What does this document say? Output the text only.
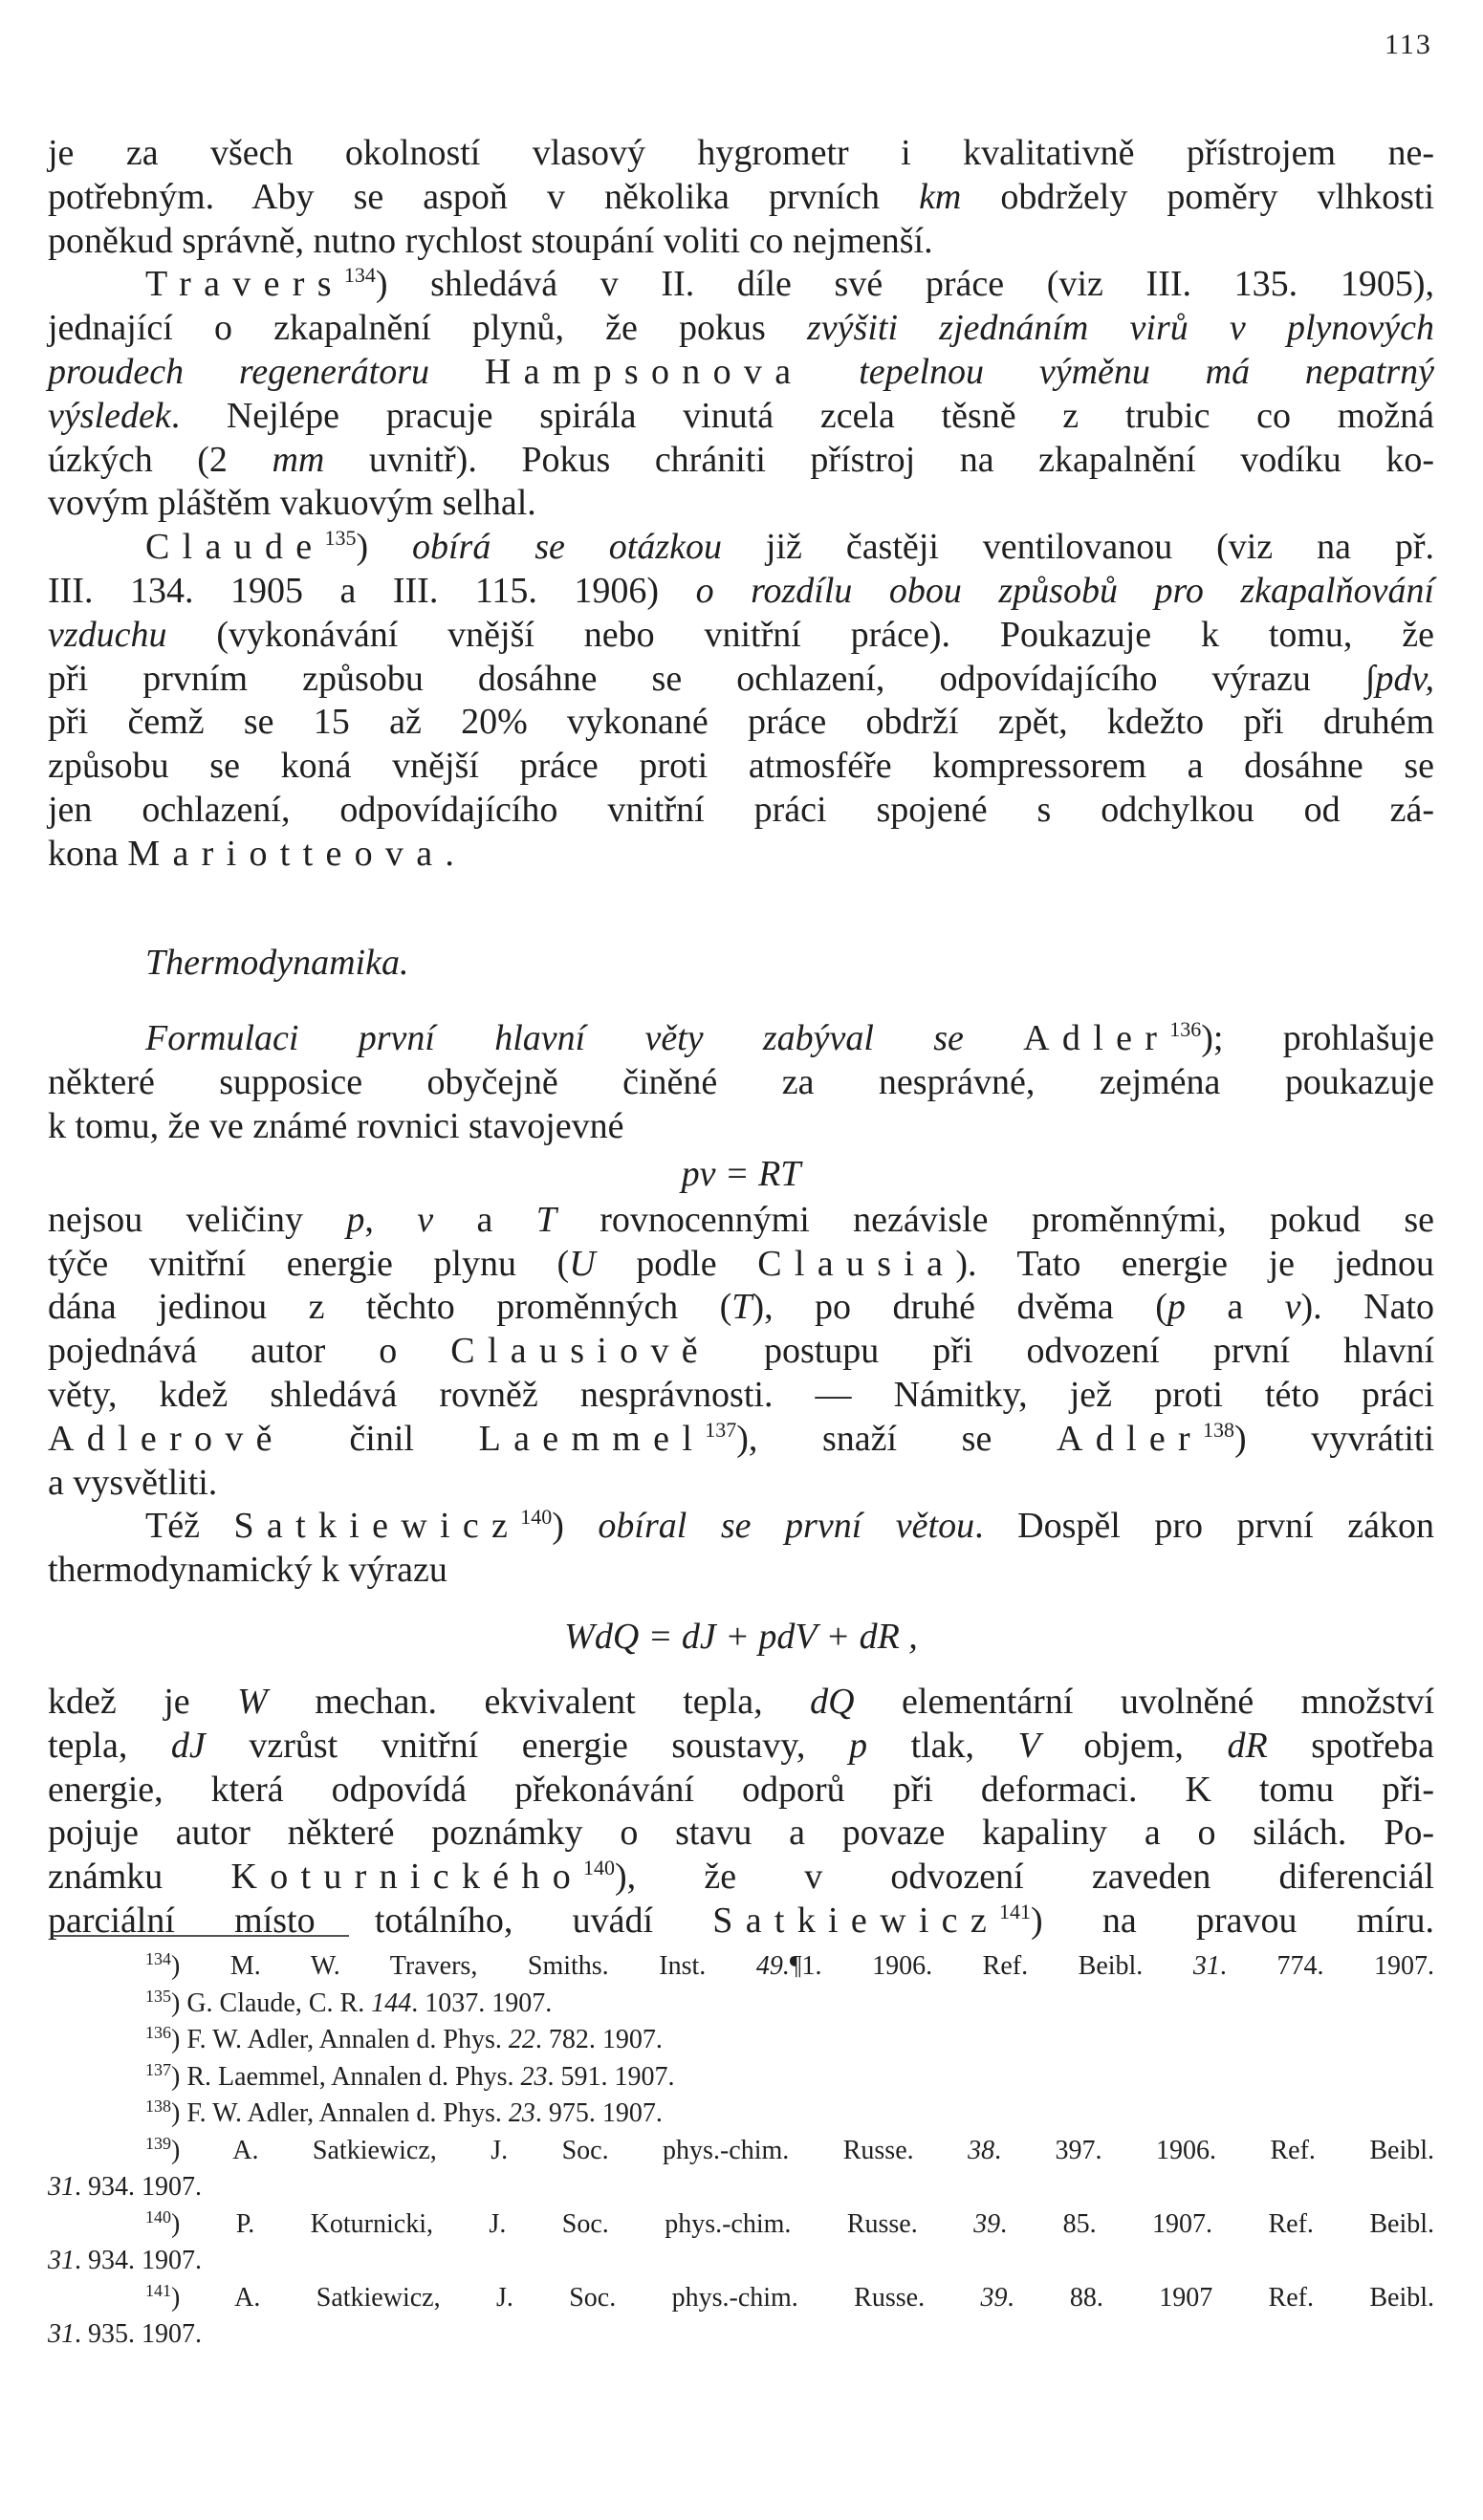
113
je za všech okolností vlasový hygrometr i kvalitativně přístrojem ne-
potřebným. Aby se aspoň v několika prvních km obdržely poměry vlhkosti
poněkud správně, nutno rychlost stoupání voliti co nejmenší.
Travers$^{134}$) shledává v II. díle své práce (viz III. 135. 1905),
jednající o zkapalnění plynů, že pokus zvýšiti zjednáním virů v plynových
proudech regenerátoru Hampsonova tepelnou výměnu má nepatrný
výsledek. Nejlépe pracuje spirála vinutá zcela těsně z trubic co možná
úzkých (2 mm uvnitř). Pokus chrániti přístroj na zkapalnění vodíku ko-
vovým pláštěm vakuovým selhal.
Claude$^{135}$) obírá se otázkou již častěji ventilovanou (viz na př.
III. 134. 1905 a III. 115. 1906) o rozdílu obou způsobů pro zkapalňování
vzduchu (vykonávání vnější nebo vnitřní práce). Poukazuje k tomu, že
při prvním způsobu dosáhne se ochlazení, odpovídajícího výrazu ∫pdv,
při čemž se 15 až 20% vykonané práce obdrží zpět, kdežto při druhém
způsobu se koná vnější práce proti atmosféře kompressorem a dosáhne se
jen ochlazení, odpovídajícího vnitřní práci spojené s odchylkou od zá-
kona Mariotteova.
Thermodynamika.
Formulaci první hlavní věty zabýval se Adler$^{136}$); prohlašuje
některé supposice obyčejně činěné za nesprávné, zejména poukazuje
k tomu, že ve známé rovnici stavojevné
pv = RT
nejsou veličiny p, v a T rovnocennými nezávisle proměnnými, pokud se
týče vnitřní energie plynu (U podle Clausia). Tato energie je jednou
dána jedinou z těchto proměnných (T), po druhé dvěma (p a v). Nato
pojednává autor o Clausiově postupu při odvození první hlavní
věty, kdež shledává rovněž nesprávnosti. — Námitky, jež proti této práci
Adlerově činil Laemmel$^{137}$), snaží se Adler$^{138}$) vyvrátiti
a vysvětliti.
Též Satkiewicz$^{140}$) obíral se první větou. Dospěl pro první zákon
thermodynamický k výrazu
WdQ = dJ + pdV + dR ,
kdež je W mechan. ekvivalent tepla, dQ elementární uvolněné množství
tepla, dJ vzrůst vnitřní energie soustavy, p tlak, V objem, dR spotřeba
energie, která odpovídá překonávání odporů při deformaci. K tomu při-
pojuje autor některé poznámky o stavu a povaze kapaliny a o silách. Po-
známku Koturnického$^{140}$), že v odvození zaveden diferenciál
parciální místo totálního, uvádí Satkiewicz$^{141}$) na pravou míru.
$^{134}$) M. W. Travers, Smiths. Inst. 49.¶1. 1906. Ref. Beibl. 31. 774. 1907.
$^{135}$) G. Claude, C. R. 144. 1037. 1907.
$^{136}$) F. W. Adler, Annalen d. Phys. 22. 782. 1907.
$^{137}$) R. Laemmel, Annalen d. Phys. 23. 591. 1907.
$^{138}$) F. W. Adler, Annalen d. Phys. 23. 975. 1907.
$^{139}$) A. Satkiewicz, J. Soc. phys.-chim. Russe. 38. 397. 1906. Ref. Beibl.
31. 934. 1907.
$^{140}$) P. Koturnicki, J. Soc. phys.-chim. Russe. 39. 85. 1907. Ref. Beibl.
31. 934. 1907.
$^{141}$) A. Satkiewicz, J. Soc. phys.-chim. Russe. 39. 88. 1907 Ref. Beibl.
31. 935. 1907.
